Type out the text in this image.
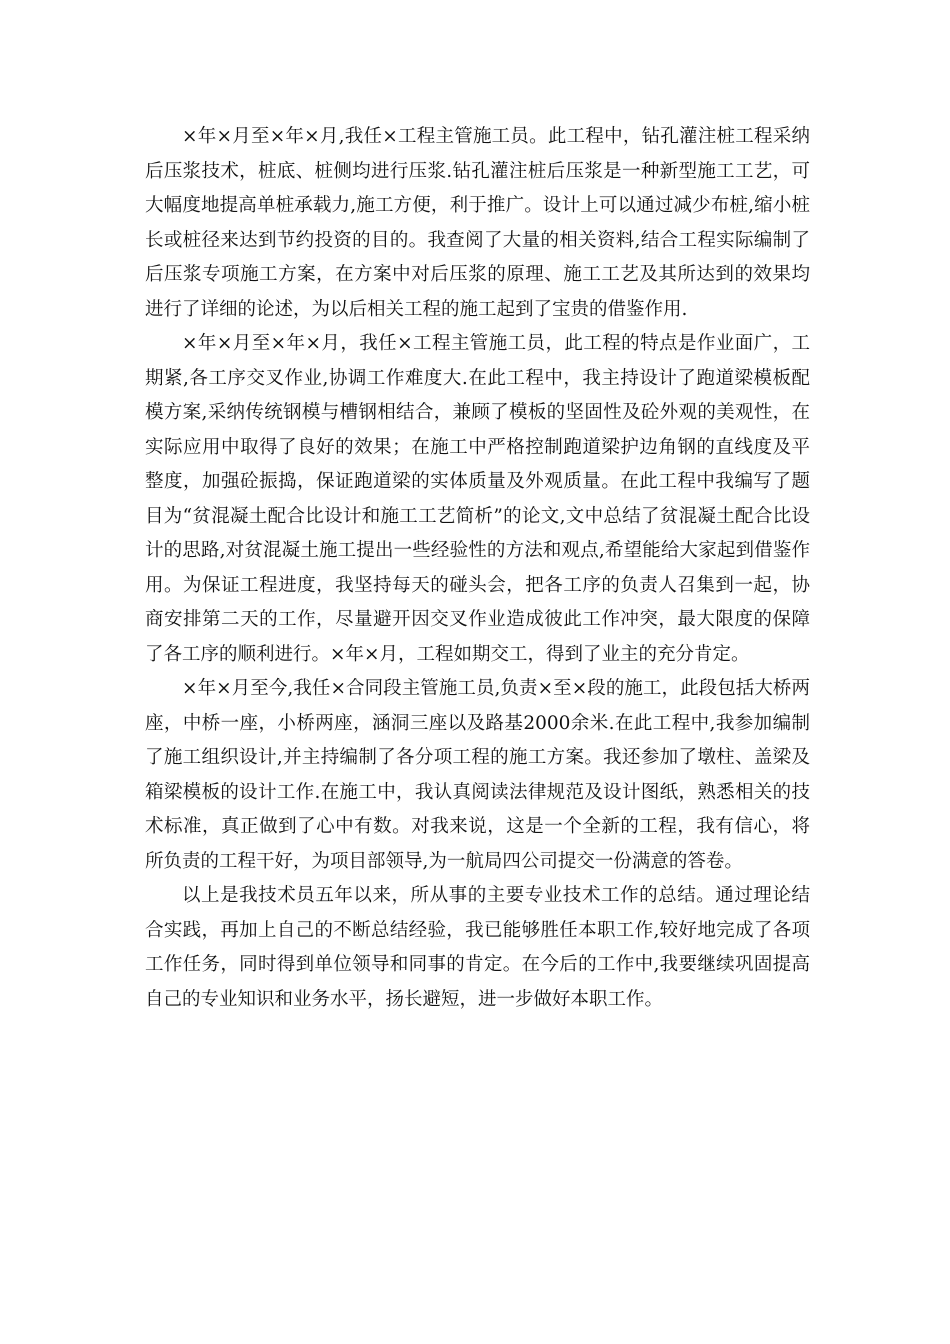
×年×月至×年×月,我任×工程主管施工员。此工程中，钻孔灌注桩工程采纳后压浆技术，桩底、桩侧均进行压浆.钻孔灌注桩后压浆是一种新型施工工艺，可大幅度地提高单桩承载力,施工方便，利于推广。设计上可以通过减少布桩,缩小桩长或桩径来达到节约投资的目的。我查阅了大量的相关资料,结合工程实际编制了后压浆专项施工方案，在方案中对后压浆的原理、施工工艺及其所达到的效果均进行了详细的论述，为以后相关工程的施工起到了宝贵的借鉴作用.

×年×月至×年×月，我任×工程主管施工员，此工程的特点是作业面广，工期紧,各工序交叉作业,协调工作难度大.在此工程中，我主持设计了跑道梁模板配模方案,采纳传统钢模与槽钢相结合，兼顾了模板的坚固性及砼外观的美观性，在实际应用中取得了良好的效果；在施工中严格控制跑道梁护边角钢的直线度及平整度，加强砼振捣，保证跑道梁的实体质量及外观质量。在此工程中我编写了题目为“贫混凝土配合比设计和施工工艺简析”的论文,文中总结了贫混凝土配合比设计的思路,对贫混凝土施工提出一些经验性的方法和观点,希望能给大家起到借鉴作用。为保证工程进度，我坚持每天的碰头会，把各工序的负责人召集到一起，协商安排第二天的工作，尽量避开因交叉作业造成彼此工作冲突，最大限度的保障了各工序的顺利进行。×年×月，工程如期交工，得到了业主的充分肯定。

×年×月至今,我任×合同段主管施工员,负责×至×段的施工，此段包括大桥两座，中桥一座，小桥两座，涵洞三座以及路基2000余米.在此工程中,我参加编制了施工组织设计,并主持编制了各分项工程的施工方案。我还参加了墩柱、盖梁及箱梁模板的设计工作.在施工中，我认真阅读法律规范及设计图纸，熟悉相关的技术标准，真正做到了心中有数。对我来说，这是一个全新的工程，我有信心，将所负责的工程干好，为项目部领导,为一航局四公司提交一份满意的答卷。

以上是我技术员五年以来，所从事的主要专业技术工作的总结。通过理论结合实践，再加上自己的不断总结经验，我已能够胜任本职工作,较好地完成了各项工作任务，同时得到单位领导和同事的肯定。在今后的工作中,我要继续巩固提高自己的专业知识和业务水平，扬长避短，进一步做好本职工作。
